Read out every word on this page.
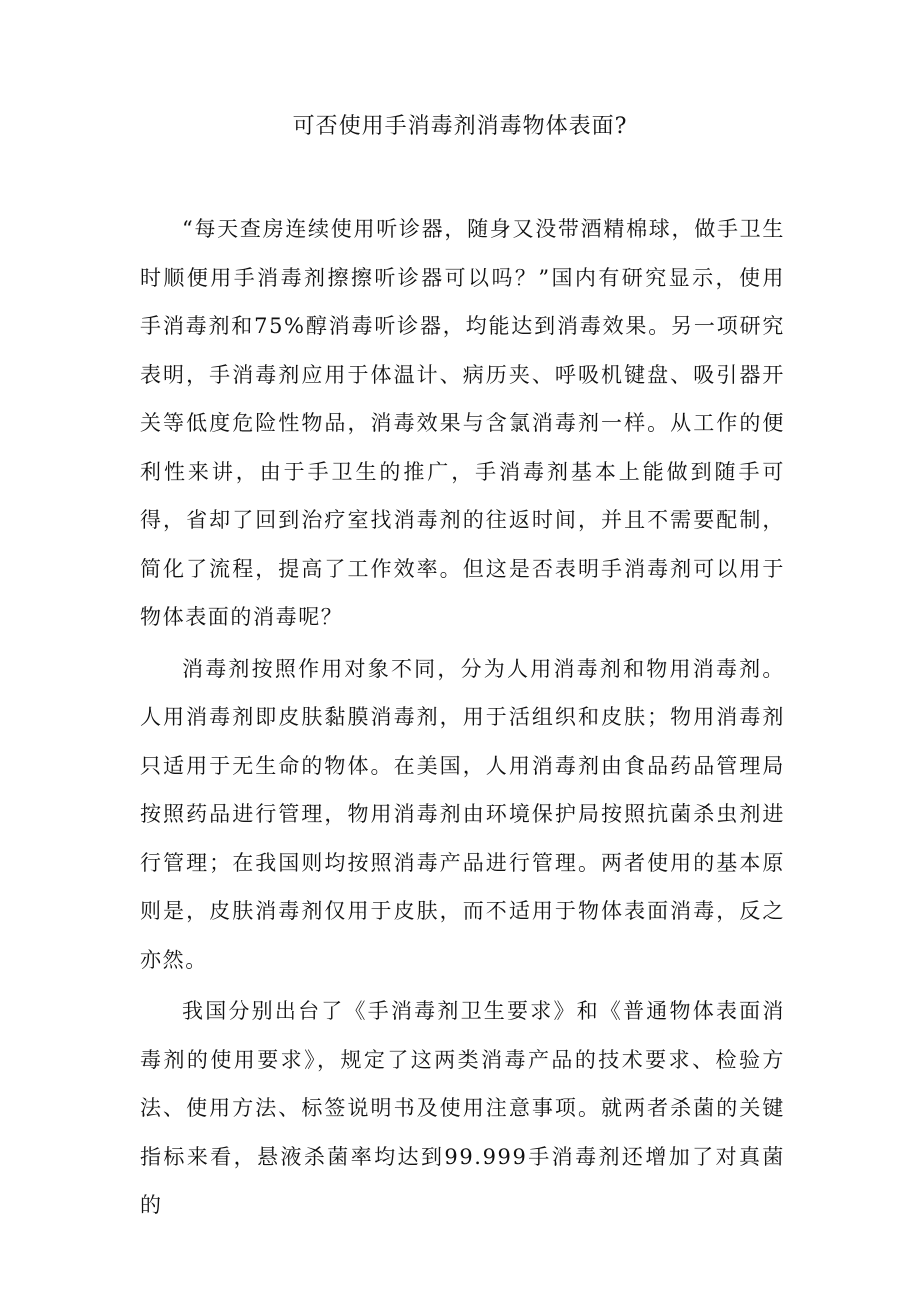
可否使用手消毒剂消毒物体表面?

“每天查房连续使用听诊器，随身又没带酒精棉球，做手卫生时顺便用手消毒剂擦擦听诊器可以吗？”国内有研究显示，使用手消毒剂和75%醇消毒听诊器，均能达到消毒效果。另一项研究表明，手消毒剂应用于体温计、病历夹、呼吸机键盘、吸引器开关等低度危险性物品，消毒效果与含氯消毒剂一样。从工作的便利性来讲，由于手卫生的推广，手消毒剂基本上能做到随手可得，省却了回到治疗室找消毒剂的往返时间，并且不需要配制，简化了流程，提高了工作效率。但这是否表明手消毒剂可以用于物体表面的消毒呢？

消毒剂按照作用对象不同，分为人用消毒剂和物用消毒剂。人用消毒剂即皮肤黏膜消毒剂，用于活组织和皮肤；物用消毒剂只适用于无生命的物体。在美国，人用消毒剂由食品药品管理局按照药品进行管理，物用消毒剂由环境保护局按照抗菌杀虫剂进行管理；在我国则均按照消毒产品进行管理。两者使用的基本原则是，皮肤消毒剂仅用于皮肤，而不适用于物体表面消毒，反之亦然。

我国分别出台了《手消毒剂卫生要求》和《普通物体表面消毒剂的使用要求》，规定了这两类消毒产品的技术要求、检验方法、使用方法、标签说明书及使用注意事项。就两者杀菌的关键指标来看，悬液杀菌率均达到99.999手消毒剂还增加了对真菌的
